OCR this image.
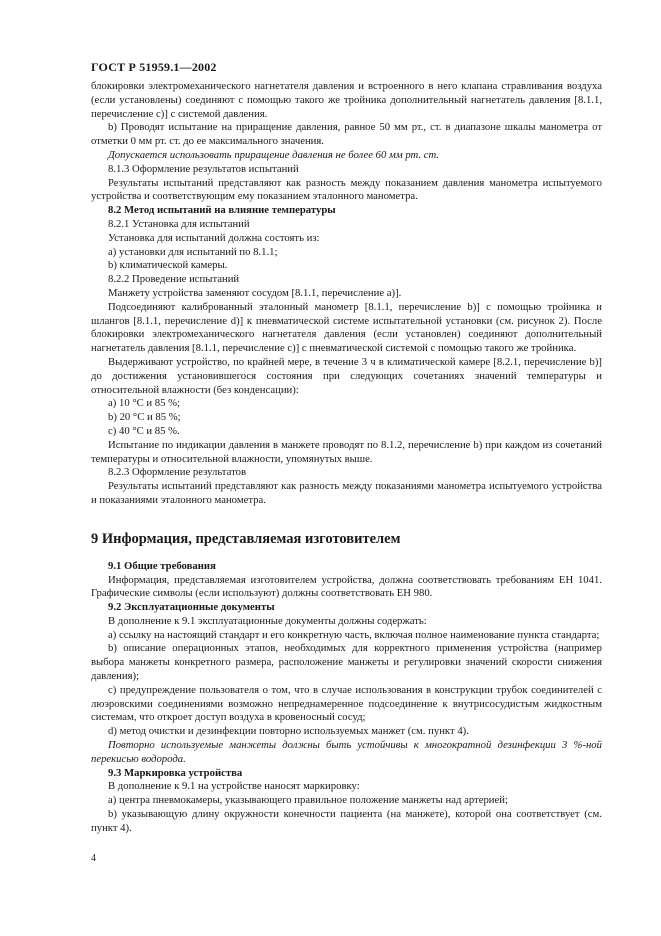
ГОСТ Р 51959.1—2002

блокировки электромеханического нагнетателя давления и встроенного в него клапана стравливания воздуха (если установлены) соединяют с помощью такого же тройника дополнительный нагнетатель давления [8.1.1, перечисление с)] с системой давления.

b) Проводят испытание на приращение давления, равное 50 мм рт., ст. в диапазоне шкалы манометра от отметки 0 мм рт. ст. до ее максимального значения.

Допускается использовать приращение давления не более 60 мм рт. ст.

8.1.3 Оформление результатов испытаний

Результаты испытаний представляют как разность между показанием давления манометра испытуемого устройства и соответствующим ему показанием эталонного манометра.

8.2 Метод испытаний на влияние температуры

8.2.1 Установка для испытаний

Установка для испытаний должна состоять из:

a) установки для испытаний по 8.1.1;

b) климатической камеры.

8.2.2 Проведение испытаний

Манжету устройства заменяют сосудом [8.1.1, перечисление а)].

Подсоединяют калиброванный эталонный манометр [8.1.1, перечисление b)] с помощью тройника и шлангов [8.1.1, перечисление d)] к пневматической системе испытательной установки (см. рисунок 2). После блокировки электромеханического нагнетателя давления (если установлен) соединяют дополнительный нагнетатель давления [8.1.1, перечисление с)] с пневматической системой с помощью такого же тройника.

Выдерживают устройство, по крайней мере, в течение 3 ч в климатической камере [8.2.1, перечисление b)] до достижения установившегося состояния при следующих сочетаниях значений температуры и относительной влажности (без конденсации):

a) 10 °С и 85 %;

b) 20 °С и 85 %;

c) 40 °С и 85 %.

Испытание по индикации давления в манжете проводят по 8.1.2, перечисление b) при каждом из сочетаний температуры и относительной влажности, упомянутых выше.

8.2.3 Оформление результатов

Результаты испытаний представляют как разность между показаниями манометра испытуемого устройства и показаниями эталонного манометра.

9 Информация, представляемая изготовителем

9.1 Общие требования

Информация, представляемая изготовителем устройства, должна соответствовать требованиям ЕН 1041. Графические символы (если используют) должны соответствовать ЕН 980.

9.2 Эксплуатационные документы

В дополнение к 9.1 эксплуатационные документы должны содержать:

a) ссылку на настоящий стандарт и его конкретную часть, включая полное наименование пункта стандарта;

b) описание операционных этапов, необходимых для корректного применения устройства (например выбора манжеты конкретного размера, расположение манжеты и регулировки значений скорости снижения давления);

c) предупреждение пользователя о том, что в случае использования в конструкции трубок соединителей с люэровскими соединениями возможно непреднамеренное подсоединение к внутрисосудистым жидкостным системам, что откроет доступ воздуха в кровеносный сосуд;

d) метод очистки и дезинфекции повторно используемых манжет (см. пункт 4).

Повторно используемые манжеты должны быть устойчивы к многократной дезинфекции 3 %-ной перекисью водорода.

9.3 Маркировка устройства

В дополнение к 9.1 на устройстве наносят маркировку:

a) центра пневмокамеры, указывающего правильное положение манжеты над артерией;

b) указывающую длину окружности конечности пациента (на манжете), которой она соответствует (см. пункт 4).

4
